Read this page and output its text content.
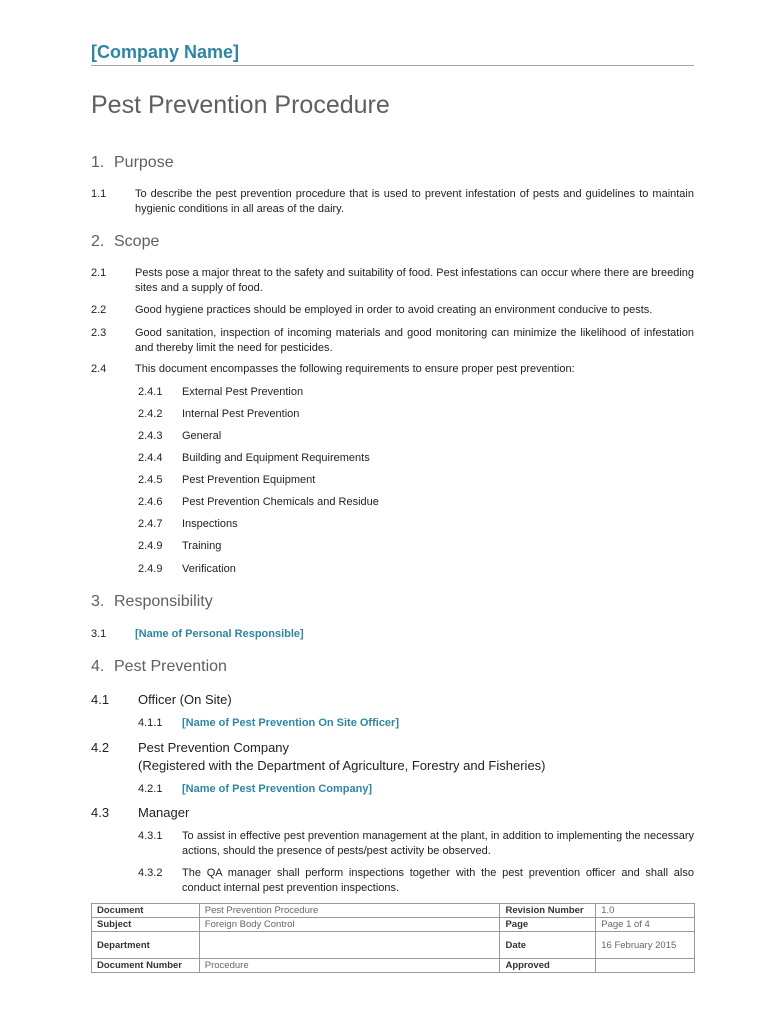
[Company Name]
Pest Prevention Procedure
1. Purpose
1.1	To describe the pest prevention procedure that is used to prevent infestation of pests and guidelines to maintain hygienic conditions in all areas of the dairy.
2. Scope
2.1	Pests pose a major threat to the safety and suitability of food. Pest infestations can occur where there are breeding sites and a supply of food.
2.2	Good hygiene practices should be employed in order to avoid creating an environment conducive to pests.
2.3	Good sanitation, inspection of incoming materials and good monitoring can minimize the likelihood of infestation and thereby limit the need for pesticides.
2.4	This document encompasses the following requirements to ensure proper pest prevention:
2.4.1 External Pest Prevention
2.4.2 Internal Pest Prevention
2.4.3 General
2.4.4 Building and Equipment Requirements
2.4.5 Pest Prevention Equipment
2.4.6 Pest Prevention Chemicals and Residue
2.4.7 Inspections
2.4.9 Training
2.4.9 Verification
3. Responsibility
3.1	[Name of Personal Responsible]
4. Pest Prevention
4.1 Officer (On Site)
4.1.1 [Name of Pest Prevention On Site Officer]
4.2 Pest Prevention Company
(Registered with the Department of Agriculture, Forestry and Fisheries)
4.2.1 [Name of Pest Prevention Company]
4.3 Manager
4.3.1 To assist in effective pest prevention management at the plant, in addition to implementing the necessary actions, should the presence of pests/pest activity be observed.
4.3.2 The QA manager shall perform inspections together with the pest prevention officer and shall also conduct internal pest prevention inspections.
Document	Pest Prevention Procedure	Revision Number	1.0
Subject	Foreign Body Control	Page	Page 1 of 4
Department		Date	16 February 2015
Document Number	Procedure	Approved	
